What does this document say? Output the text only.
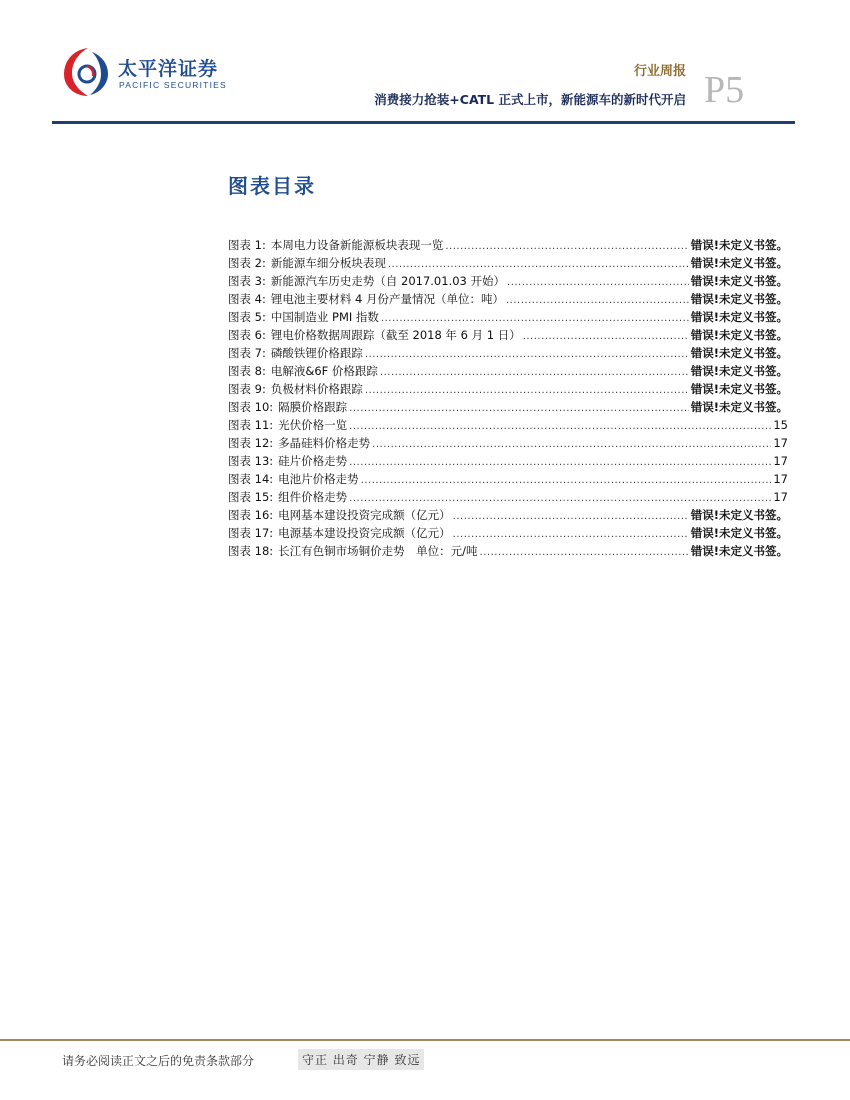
太平洋证券
PACIFIC SECURITIES
行业周报
消费接力抢装+CATL 正式上市，新能源车的新时代开启 P5
图表目录
图表 1: 本周电力设备新能源板块表现一览 .....	错误!未定义书签。
图表 2: 新能源车细分板块表现 .....	错误!未定义书签。
图表 3: 新能源汽车历史走势（自 2017.01.03 开始） .....	错误!未定义书签。
图表 4: 锂电池主要材料 4 月份产量情况（单位：吨） .....	错误!未定义书签。
图表 5: 中国制造业 PMI 指数 .....	错误!未定义书签。
图表 6: 锂电价格数据周跟踪（截至 2018 年 6 月 1 日） .....	错误!未定义书签。
图表 7: 磷酸铁锂价格跟踪 .....	错误!未定义书签。
图表 8: 电解液&6F 价格跟踪 .....	错误!未定义书签。
图表 9: 负极材料价格跟踪 .....	错误!未定义书签。
图表 10: 隔膜价格跟踪 .....	错误!未定义书签。
图表 11: 光伏价格一览 .....	15
图表 12: 多晶硅料价格走势 .....	17
图表 13: 硅片价格走势 .....	17
图表 14: 电池片价格走势 .....	17
图表 15: 组件价格走势 .....	17
图表 16: 电网基本建设投资完成额（亿元） .....	错误!未定义书签。
图表 17: 电源基本建设投资完成额（亿元） .....	错误!未定义书签。
图表 18: 长江有色铜市场铜价走势　单位：元/吨 .....	错误!未定义书签。
请务必阅读正文之后的免责条款部分	守正 出奇 宁静 致远
